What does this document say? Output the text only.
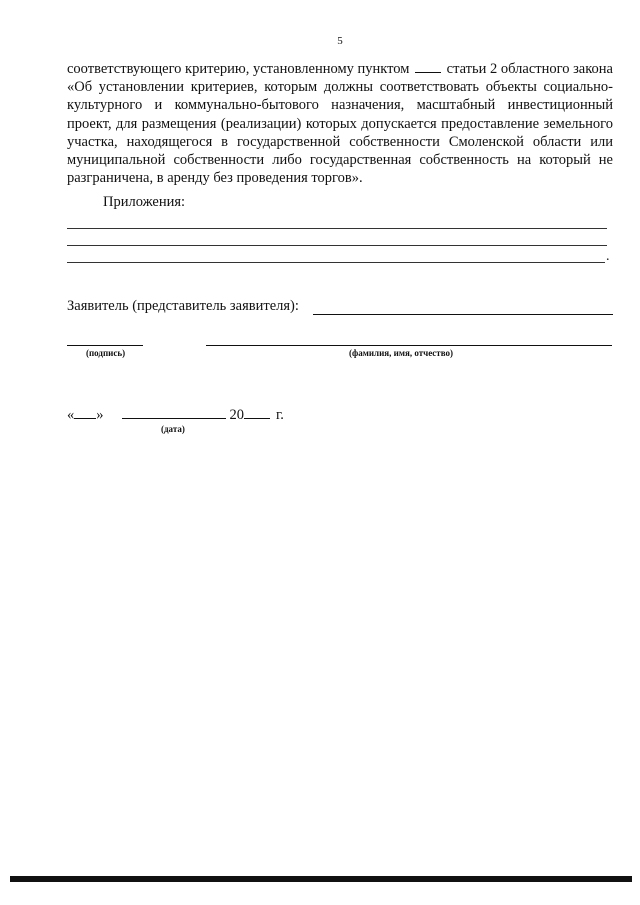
5

соответствующего критерию, установленному пунктом	статьи 2 областного закона «Об установлении критериев, которым должны соответствовать объекты социально-культурного и коммунально-бытового назначения, масштабный инвестиционный проект, для размещения (реализации) которых допускается предоставление земельного участка, находящегося в государственной собственности Смоленской области или муниципальной собственности либо государственная собственность на который не разграничена, в аренду без проведения торгов».

Приложения:
.
Заявитель (представитель заявителя):
(подпись)	(фамилия, имя, отчество)
« »	20 г.
(дата)
